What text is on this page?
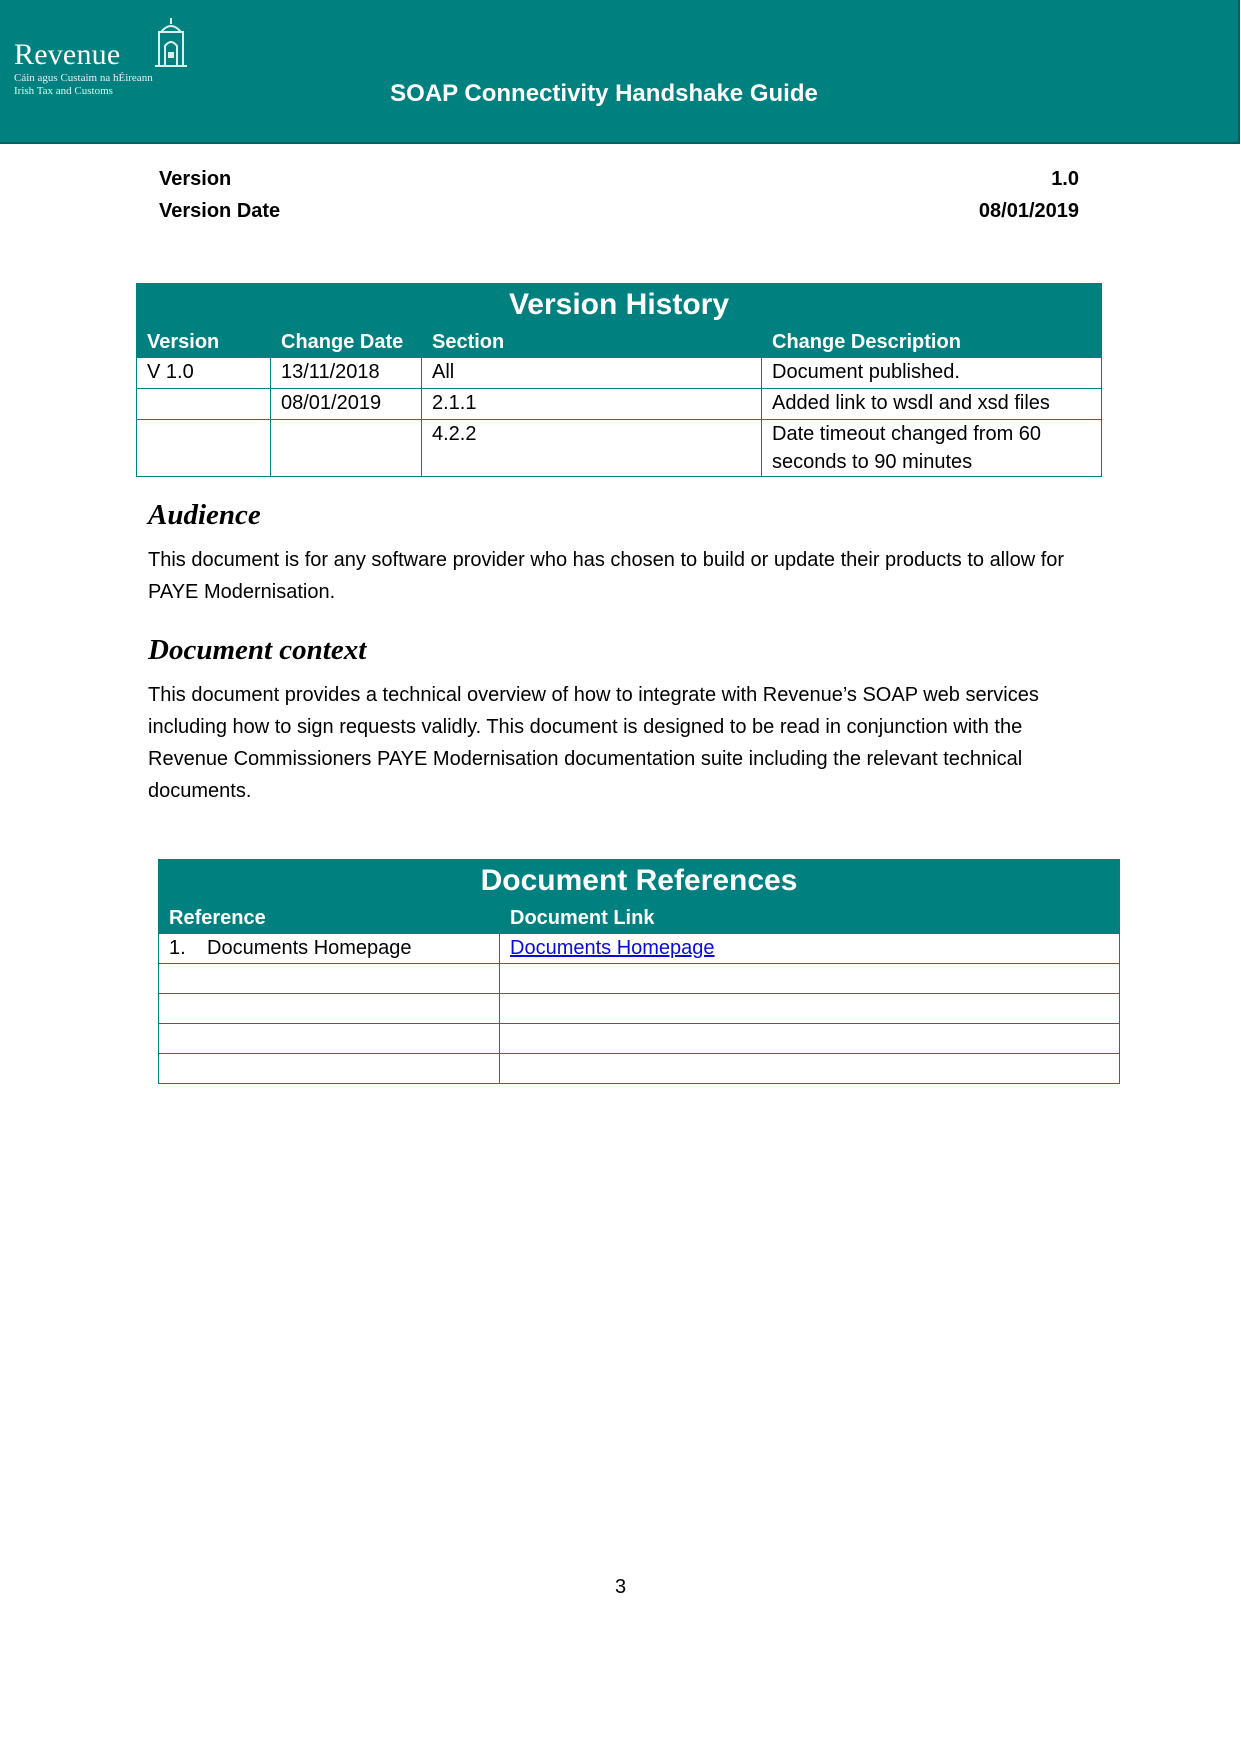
Revenue
Cáin agus Custaim na hÉireann
Irish Tax and Customs	SOAP Connectivity Handshake Guide
Version	1.0
Version Date	08/01/2019
Version History			
Version	Change Date	Section	Change Description
V 1.0	13/11/2018	All	Document published.
	08/01/2019	2.1.1	Added link to wsdl and xsd files
		4.2.2	Date timeout changed from 60 seconds to 90 minutes
Audience
This document is for any software provider who has chosen to build or update their products to allow for PAYE Modernisation.
Document context
This document provides a technical overview of how to integrate with Revenue’s SOAP web services including how to sign requests validly. This document is designed to be read in conjunction with the Revenue Commissioners PAYE Modernisation documentation suite including the relevant technical documents.
Document References	
Reference	Document Link
1. Documents Homepage	Documents Homepage

3
